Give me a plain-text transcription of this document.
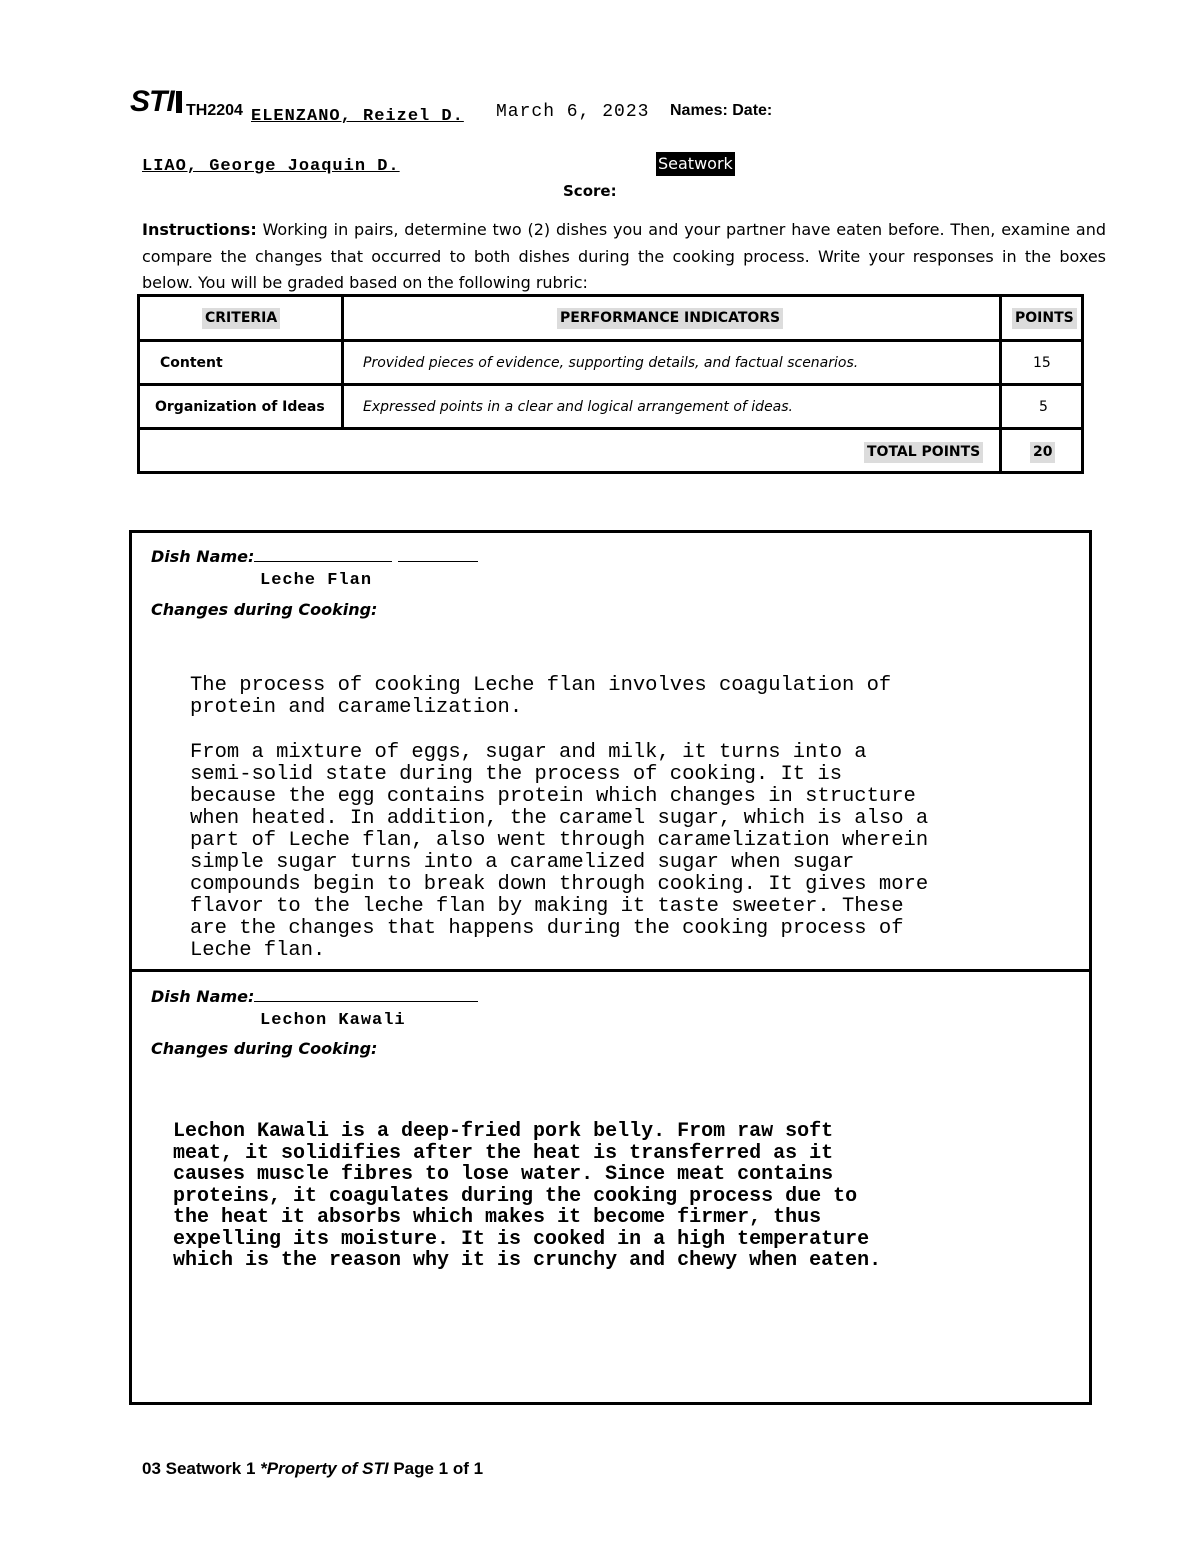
STI TH2204 ELENZANO, Reizel D. March 6, 2023 Names: Date:
LIAO, George Joaquin D.	Seatwork
Score:
Instructions: Working in pairs, determine two (2) dishes you and your partner have eaten before. Then, examine and compare the changes that occurred to both dishes during the cooking process. Write your responses in the boxes below. You will be graded based on the following rubric:
CRITERIA	PERFORMANCE INDICATORS	POINTS
Content	Provided pieces of evidence, supporting details, and factual scenarios.	15
Organization of Ideas	Expressed points in a clear and logical arrangement of ideas.	5
TOTAL POINTS	20
Dish Name:
Leche Flan
Changes during Cooking:
The process of cooking Leche flan involves coagulation of
protein and caramelization.
From a mixture of eggs, sugar and milk, it turns into a
semi-solid state during the process of cooking. It is
because the egg contains protein which changes in structure
when heated. In addition, the caramel sugar, which is also a
part of Leche flan, also went through caramelization wherein
simple sugar turns into a caramelized sugar when sugar
compounds begin to break down through cooking. It gives more
flavor to the leche flan by making it taste sweeter. These
are the changes that happens during the cooking process of
Leche flan.
Dish Name:
Lechon Kawali
Changes during Cooking:
Lechon Kawali is a deep-fried pork belly. From raw soft
meat, it solidifies after the heat is transferred as it
causes muscle fibres to lose water. Since meat contains
proteins, it coagulates during the cooking process due to
the heat it absorbs which makes it become firmer, thus
expelling its moisture. It is cooked in a high temperature
which is the reason why it is crunchy and chewy when eaten.
03 Seatwork 1 *Property of STI Page 1 of 1
